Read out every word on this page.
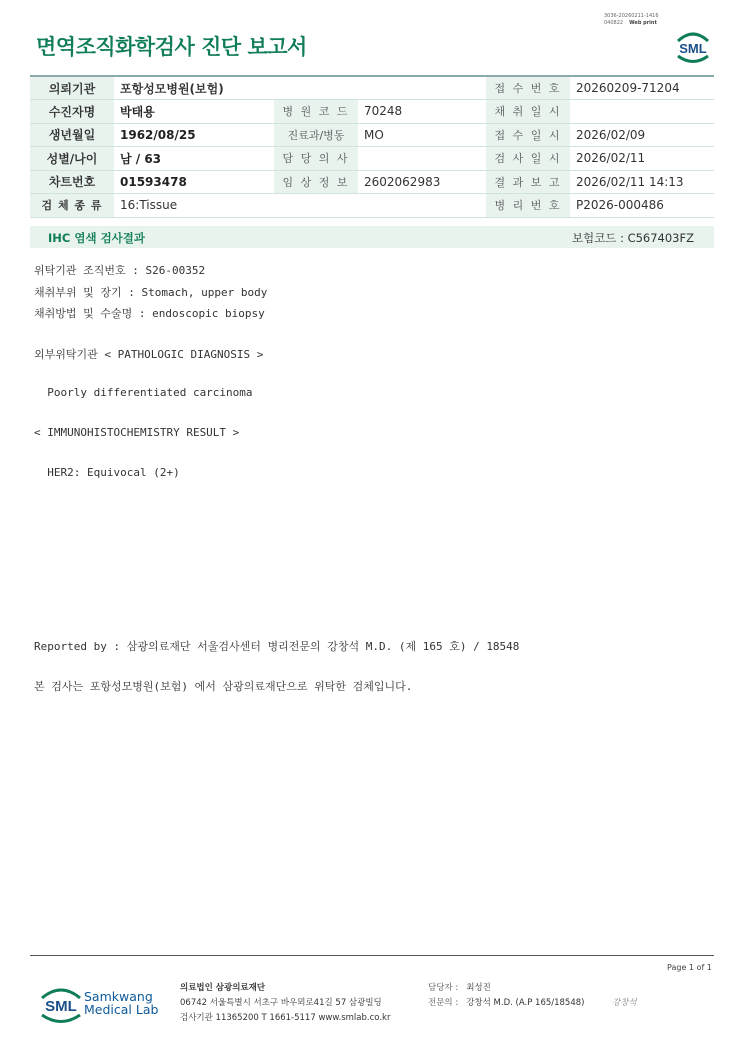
3036-20260211-1416
040822 Web print
면역조직화학검사 진단 보고서	SML
의뢰기관	포항성모병원(보험)			접 수 번 호	20260209-71204
수진자명	박태용	병 원 코 드	70248	채 취 일 시	
생년월일	1962/08/25	진료과/병동	MO	접 수 일 시	2026/02/09
성별/나이	남 / 63	담 당 의 사		검 사 일 시	2026/02/11
차트번호	01593478	임 상 정 보	2602062983	결 과 보 고	2026/02/11 14:13
검 체 종 류	16:Tissue			병 리 번 호	P2026-000486
IHC 염색 검사결과	보험코드 : C567403FZ
위탁기관 조직번호 : S26-00352
채취부위 및 장기 : Stomach, upper body
채취방법 및 수술명 : endoscopic biopsy
외부위탁기관 < PATHOLOGIC DIAGNOSIS >
Poorly differentiated carcinoma
< IMMUNOHISTOCHEMISTRY RESULT >
HER2: Equivocal (2+)
Reported by : 삼광의료재단 서울검사센터 병리전문의 강창석 M.D. (제 165 호) / 18548
본 검사는 포항성모병원(보험) 에서 삼광의료재단으로 위탁한 검체입니다.
Page 1 of 1
SML
Samkwang
Medical Lab
의료법인 삼광의료재단
06742 서울특별시 서초구 바우뫼로41길 57 삼광빌딩
검사기관 11365200 T 1661-5117 www.smlab.co.kr
담당자 : 최성진
전문의 : 강창석 M.D. (A.P 165/18548)	강창석
